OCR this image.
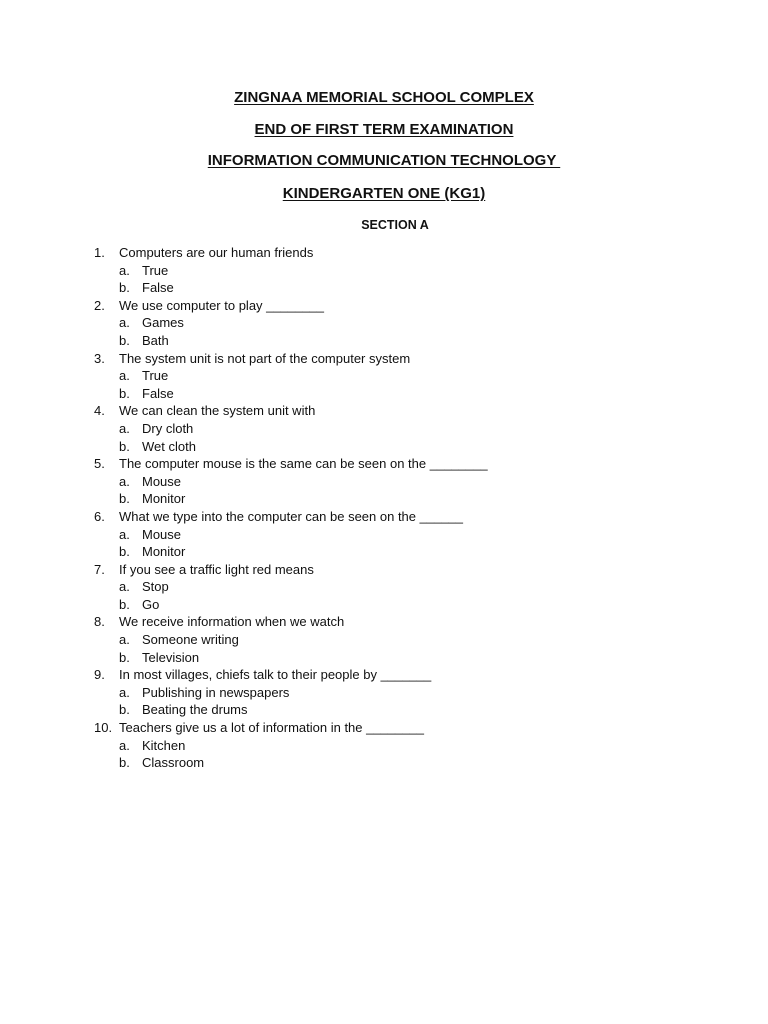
ZINGNAA MEMORIAL SCHOOL COMPLEX
END OF FIRST TERM EXAMINATION
INFORMATION COMMUNICATION TECHNOLOGY
KINDERGARTEN ONE (KG1)
SECTION A
1. Computers are our human friends
a. True
b. False
2. We use computer to play ________
a. Games
b. Bath
3. The system unit is not part of the computer system
a. True
b. False
4. We can clean the system unit with
a. Dry cloth
b. Wet cloth
5. The computer mouse is the same can be seen on the ________
a. Mouse
b. Monitor
6. What we type into the computer can be seen on the ______
a. Mouse
b. Monitor
7. If you see a traffic light red means
a. Stop
b. Go
8. We receive information when we watch
a. Someone writing
b. Television
9. In most villages, chiefs talk to their people by _______
a. Publishing in newspapers
b. Beating the drums
10. Teachers give us a lot of information in the ________
a. Kitchen
b. Classroom
